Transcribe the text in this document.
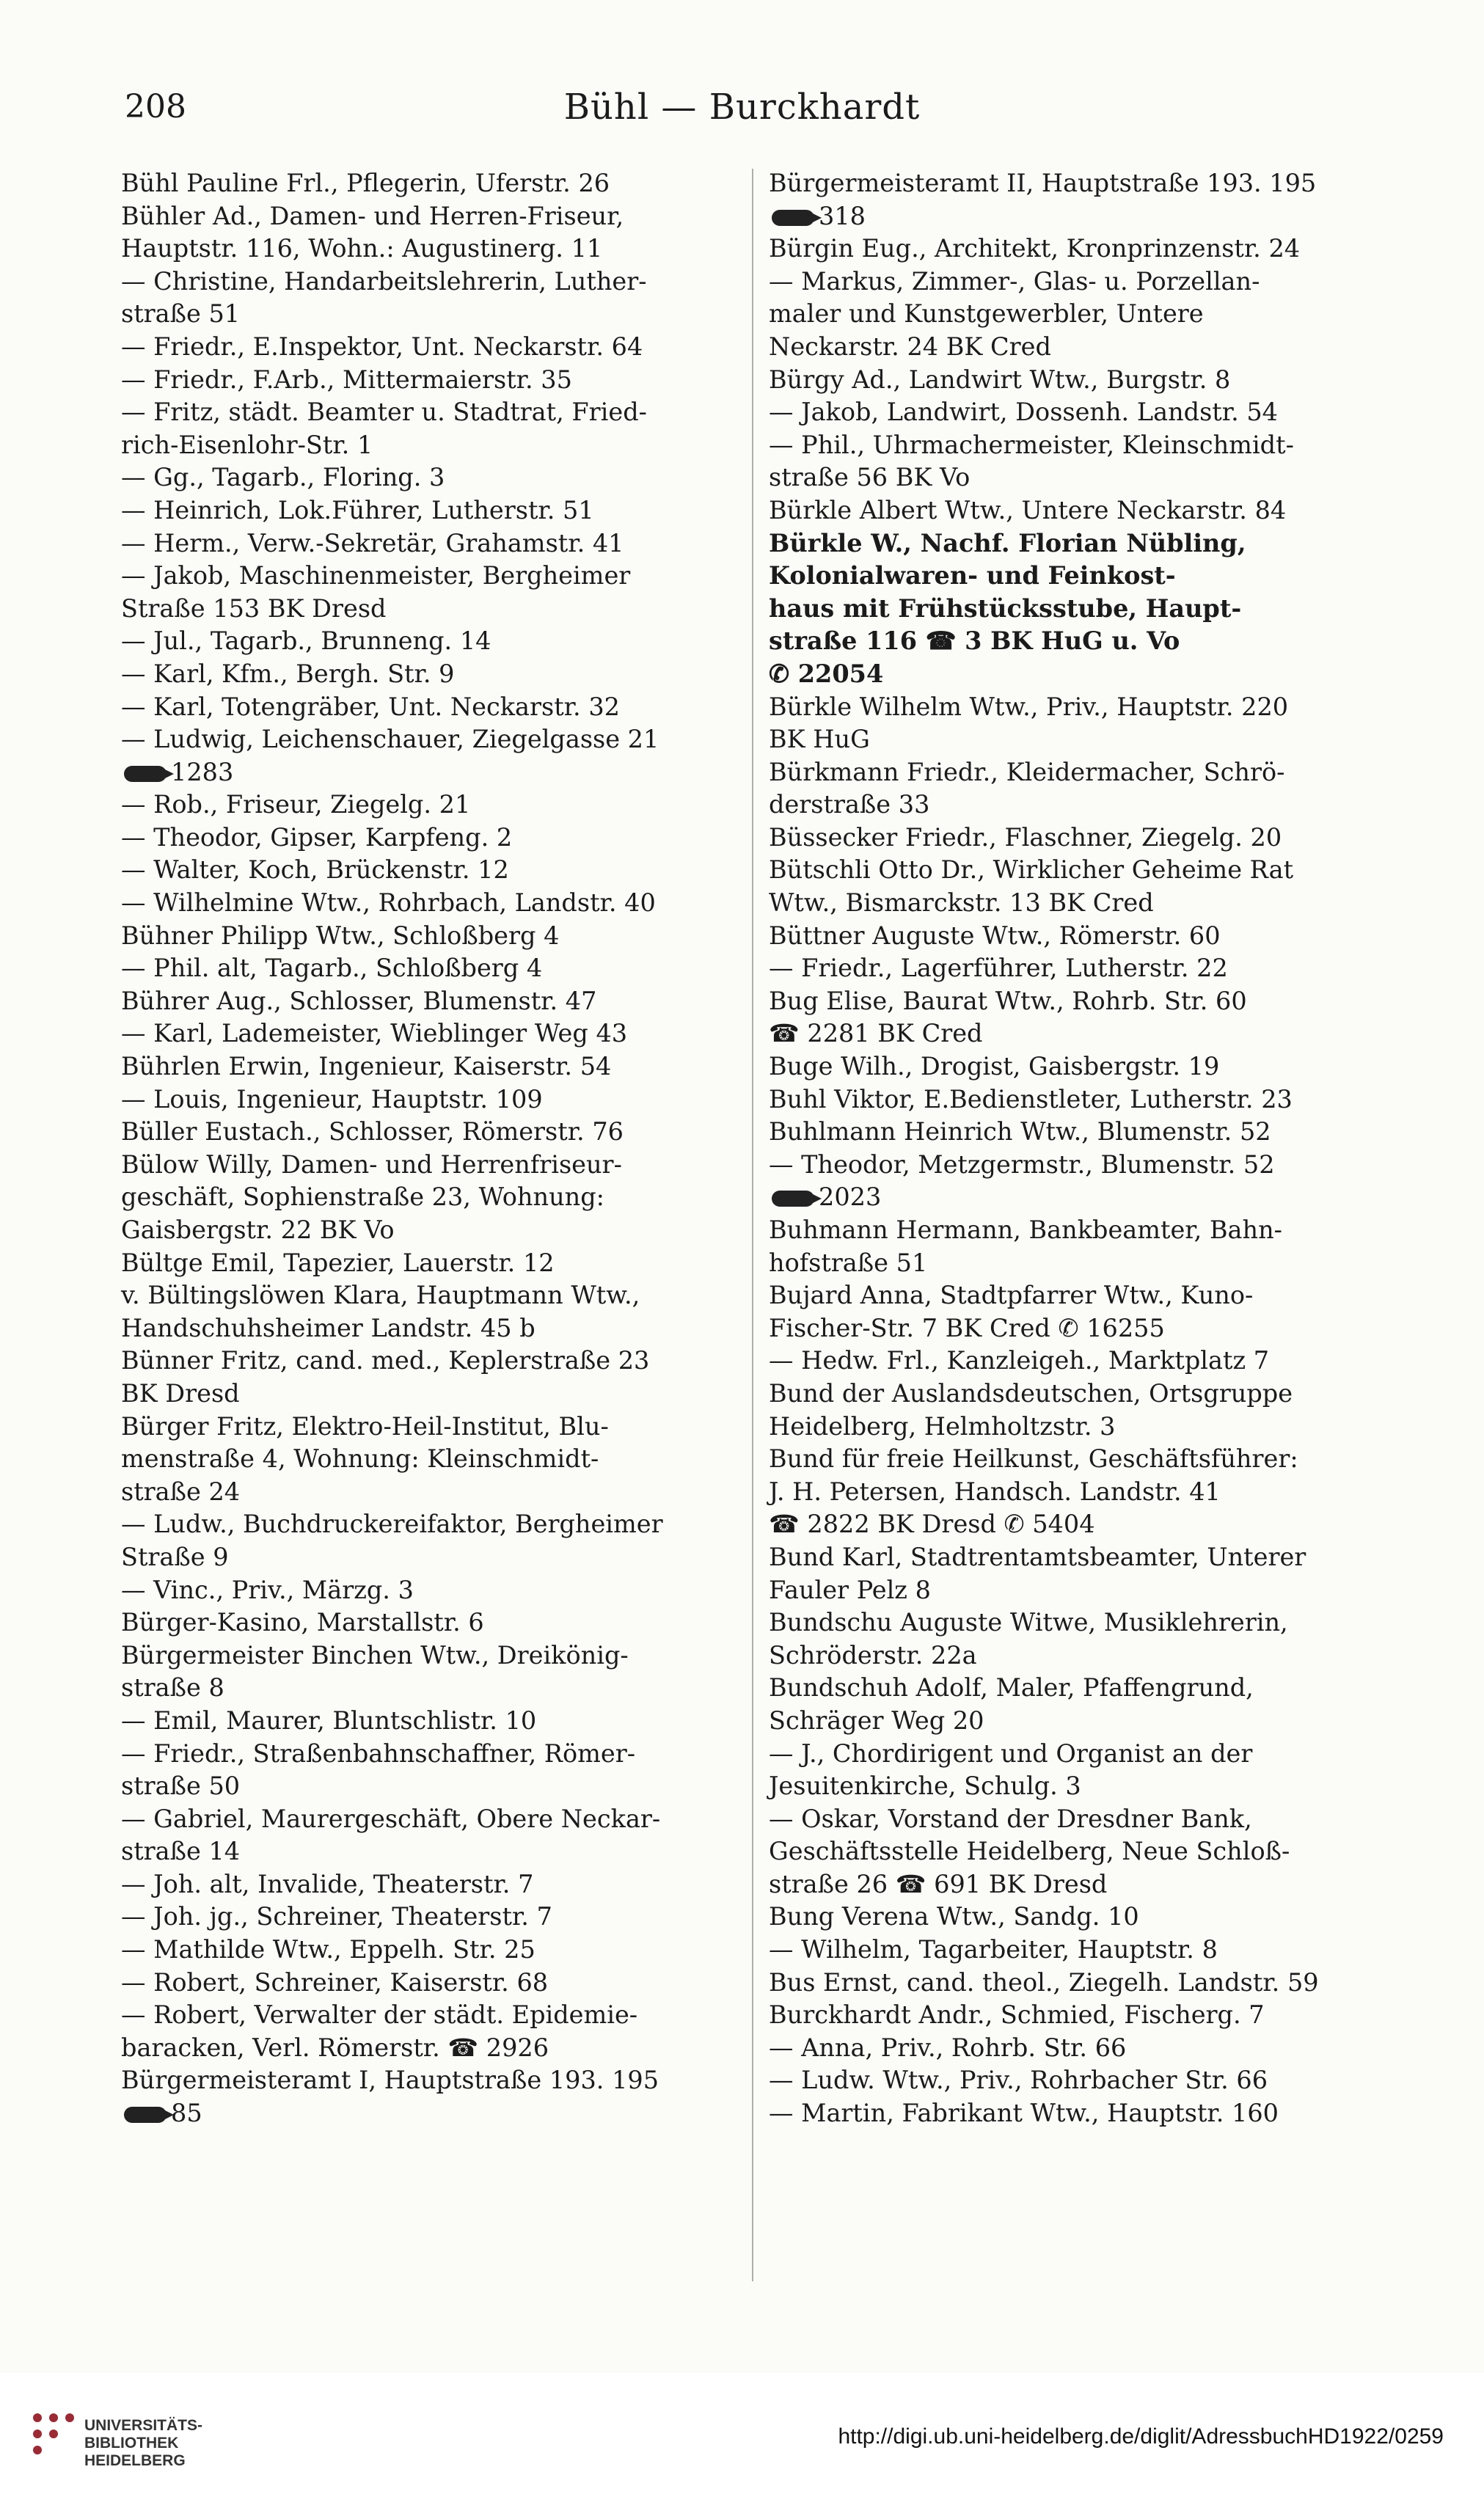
208	Bühl — Burckhardt
Bühl Pauline Frl., Pflegerin, Uferstr. 26
Bühler Ad., Damen- und Herren-Friseur,
Hauptstr. 116, Wohn.: Augustinerg. 11
— Christine, Handarbeitslehrerin, Luther-
straße 51
— Friedr., E.Inspektor, Unt. Neckarstr. 64
— Friedr., F.Arb., Mittermaierstr. 35
— Fritz, städt. Beamter u. Stadtrat, Fried-
rich-Eisenlohr-Str. 1
— Gg., Tagarb., Floring. 3
— Heinrich, Lok.Führer, Lutherstr. 51
— Herm., Verw.-Sekretär, Grahamstr. 41
— Jakob, Maschinenmeister, Bergheimer
Straße 153 BK Dresd
— Jul., Tagarb., Brunneng. 14
— Karl, Kfm., Bergh. Str. 9
— Karl, Totengräber, Unt. Neckarstr. 32
— Ludwig, Leichenschauer, Ziegelgasse 21
1283
— Rob., Friseur, Ziegelg. 21
— Theodor, Gipser, Karpfeng. 2
— Walter, Koch, Brückenstr. 12
— Wilhelmine Wtw., Rohrbach, Landstr. 40
Bühner Philipp Wtw., Schloßberg 4
— Phil. alt, Tagarb., Schloßberg 4
Bührer Aug., Schlosser, Blumenstr. 47
— Karl, Lademeister, Wieblinger Weg 43
Bührlen Erwin, Ingenieur, Kaiserstr. 54
— Louis, Ingenieur, Hauptstr. 109
Büller Eustach., Schlosser, Römerstr. 76
Bülow Willy, Damen- und Herrenfriseur-
geschäft, Sophienstraße 23, Wohnung:
Gaisbergstr. 22 BK Vo
Bültge Emil, Tapezier, Lauerstr. 12
v. Bültingslöwen Klara, Hauptmann Wtw.,
Handschuhsheimer Landstr. 45 b
Bünner Fritz, cand. med., Keplerstraße 23
BK Dresd
Bürger Fritz, Elektro-Heil-Institut, Blu-
menstraße 4, Wohnung: Kleinschmidt-
straße 24
— Ludw., Buchdruckereifaktor, Bergheimer
Straße 9
— Vinc., Priv., Märzg. 3
Bürger-Kasino, Marstallstr. 6
Bürgermeister Binchen Wtw., Dreikönig-
straße 8
— Emil, Maurer, Bluntschlistr. 10
— Friedr., Straßenbahnschaffner, Römer-
straße 50
— Gabriel, Maurergeschäft, Obere Neckar-
straße 14
— Joh. alt, Invalide, Theaterstr. 7
— Joh. jg., Schreiner, Theaterstr. 7
— Mathilde Wtw., Eppelh. Str. 25
— Robert, Schreiner, Kaiserstr. 68
— Robert, Verwalter der städt. Epidemie-
baracken, Verl. Römerstr. ☎ 2926
Bürgermeisteramt I, Hauptstraße 193. 195
85
Bürgermeisteramt II, Hauptstraße 193. 195
318
Bürgin Eug., Architekt, Kronprinzenstr. 24
— Markus, Zimmer-, Glas- u. Porzellan-
maler und Kunstgewerbler, Untere
Neckarstr. 24 BK Cred
Bürgy Ad., Landwirt Wtw., Burgstr. 8
— Jakob, Landwirt, Dossenh. Landstr. 54
— Phil., Uhrmachermeister, Kleinschmidt-
straße 56 BK Vo
Bürkle Albert Wtw., Untere Neckarstr. 84
Bürkle W., Nachf. Florian Nübling,
Kolonialwaren- und Feinkost-
haus mit Frühstücksstube, Haupt-
straße 116 ☎ 3 BK HuG u. Vo
✆ 22054
Bürkle Wilhelm Wtw., Priv., Hauptstr. 220
BK HuG
Bürkmann Friedr., Kleidermacher, Schrö-
derstraße 33
Büssecker Friedr., Flaschner, Ziegelg. 20
Bütschli Otto Dr., Wirklicher Geheime Rat
Wtw., Bismarckstr. 13 BK Cred
Büttner Auguste Wtw., Römerstr. 60
— Friedr., Lagerführer, Lutherstr. 22
Bug Elise, Baurat Wtw., Rohrb. Str. 60
☎ 2281 BK Cred
Buge Wilh., Drogist, Gaisbergstr. 19
Buhl Viktor, E.Bedienstleter, Lutherstr. 23
Buhlmann Heinrich Wtw., Blumenstr. 52
— Theodor, Metzgermstr., Blumenstr. 52
2023
Buhmann Hermann, Bankbeamter, Bahn-
hofstraße 51
Bujard Anna, Stadtpfarrer Wtw., Kuno-
Fischer-Str. 7 BK Cred ✆ 16255
— Hedw. Frl., Kanzleigeh., Marktplatz 7
Bund der Auslandsdeutschen, Ortsgruppe
Heidelberg, Helmholtzstr. 3
Bund für freie Heilkunst, Geschäftsführer:
J. H. Petersen, Handsch. Landstr. 41
☎ 2822 BK Dresd ✆ 5404
Bund Karl, Stadtrentamtsbeamter, Unterer
Fauler Pelz 8
Bundschu Auguste Witwe, Musiklehrerin,
Schröderstr. 22a
Bundschuh Adolf, Maler, Pfaffengrund,
Schräger Weg 20
— J., Chordirigent und Organist an der
Jesuitenkirche, Schulg. 3
— Oskar, Vorstand der Dresdner Bank,
Geschäftsstelle Heidelberg, Neue Schloß-
straße 26 ☎ 691 BK Dresd
Bung Verena Wtw., Sandg. 10
— Wilhelm, Tagarbeiter, Hauptstr. 8
Bus Ernst, cand. theol., Ziegelh. Landstr. 59
Burckhardt Andr., Schmied, Fischerg. 7
— Anna, Priv., Rohrb. Str. 66
— Ludw. Wtw., Priv., Rohrbacher Str. 66
— Martin, Fabrikant Wtw., Hauptstr. 160
UNIVERSITÄTS-
BIBLIOTHEK
HEIDELBERG
http://digi.ub.uni-heidelberg.de/diglit/AdressbuchHD1922/0259
